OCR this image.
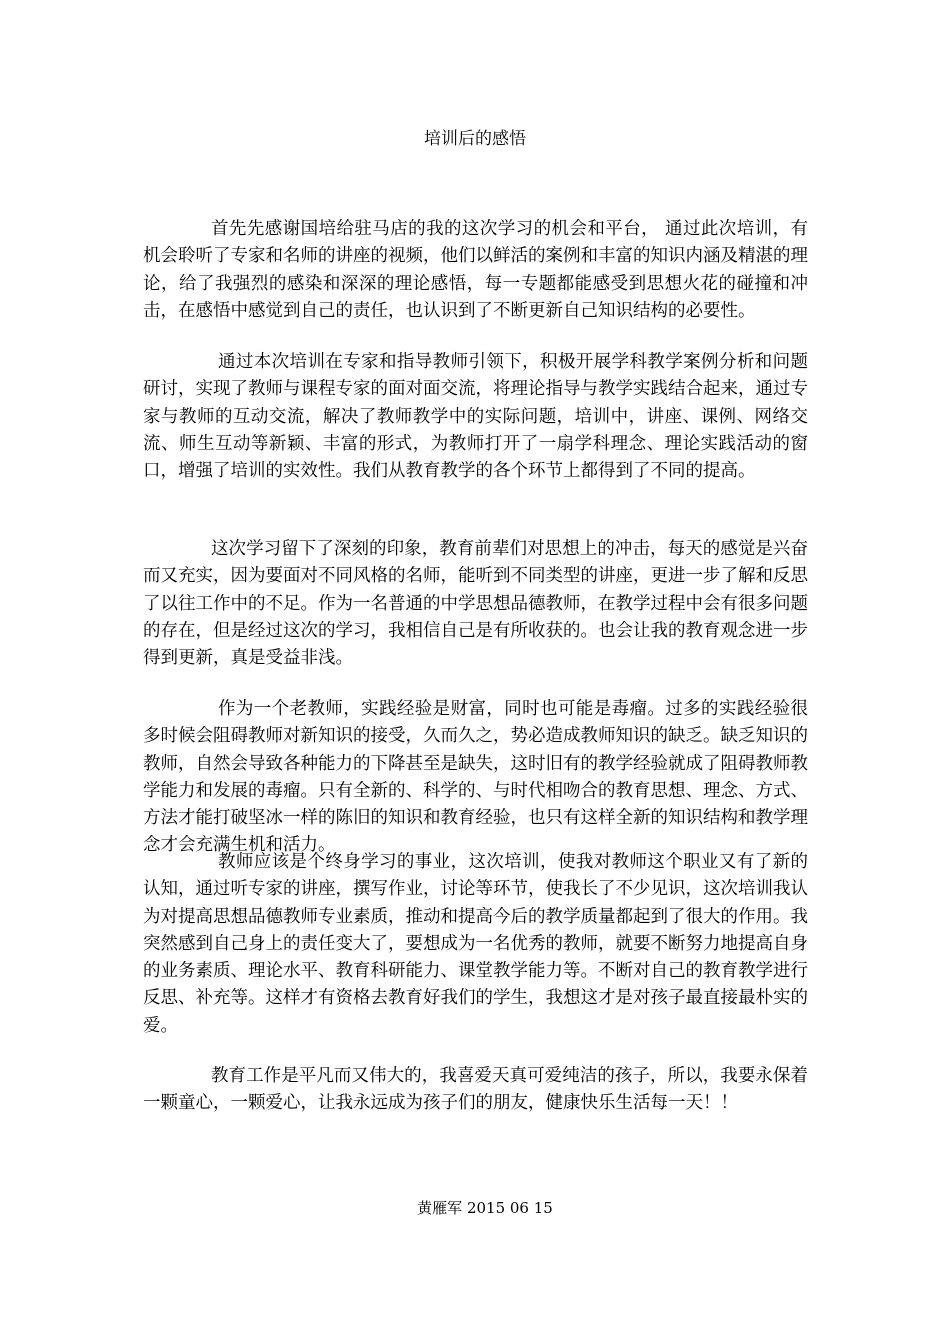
培训后的感悟

首先先感谢国培给驻马店的我的这次学习的机会和平台， 通过此次培训，有机会聆听了专家和名师的讲座的视频，他们以鲜活的案例和丰富的知识内涵及精湛的理论，给了我强烈的感染和深深的理论感悟，每一专题都能感受到思想火花的碰撞和冲击，在感悟中感觉到自己的责任，也认识到了不断更新自己知识结构的必要性。

通过本次培训在专家和指导教师引领下，积极开展学科教学案例分析和问题研讨，实现了教师与课程专家的面对面交流，将理论指导与教学实践结合起来，通过专家与教师的互动交流，解决了教师教学中的实际问题，培训中，讲座、课例、网络交流、师生互动等新颖、丰富的形式，为教师打开了一扇学科理念、理论实践活动的窗口，增强了培训的实效性。我们从教育教学的各个环节上都得到了不同的提高。

这次学习留下了深刻的印象，教育前辈们对思想上的冲击，每天的感觉是兴奋而又充实，因为要面对不同风格的名师，能听到不同类型的讲座，更进一步了解和反思了以往工作中的不足。作为一名普通的中学思想品德教师，在教学过程中会有很多问题的存在，但是经过这次的学习，我相信自己是有所收获的。也会让我的教育观念进一步得到更新，真是受益非浅。

作为一个老教师，实践经验是财富，同时也可能是毒瘤。过多的实践经验很多时候会阻碍教师对新知识的接受，久而久之，势必造成教师知识的缺乏。缺乏知识的教师，自然会导致各种能力的下降甚至是缺失，这时旧有的教学经验就成了阻碍教师教学能力和发展的毒瘤。只有全新的、科学的、与时代相吻合的教育思想、理念、方式、方法才能打破坚冰一样的陈旧的知识和教育经验，也只有这样全新的知识结构和教学理念才会充满生机和活力。

教师应该是个终身学习的事业，这次培训，使我对教师这个职业又有了新的认知，通过听专家的讲座，撰写作业，讨论等环节，使我长了不少见识，这次培训我认为对提高思想品德教师专业素质，推动和提高今后的教学质量都起到了很大的作用。我突然感到自己身上的责任变大了，要想成为一名优秀的教师，就要不断努力地提高自身的业务素质、理论水平、教育科研能力、课堂教学能力等。不断对自己的教育教学进行反思、补充等。这样才有资格去教育好我们的学生，我想这才是对孩子最直接最朴实的爱。

教育工作是平凡而又伟大的，我喜爱天真可爱纯洁的孩子，所以，我要永保着一颗童心，一颗爱心，让我永远成为孩子们的朋友，健康快乐生活每一天！！

黄雁军 2015 06 15
